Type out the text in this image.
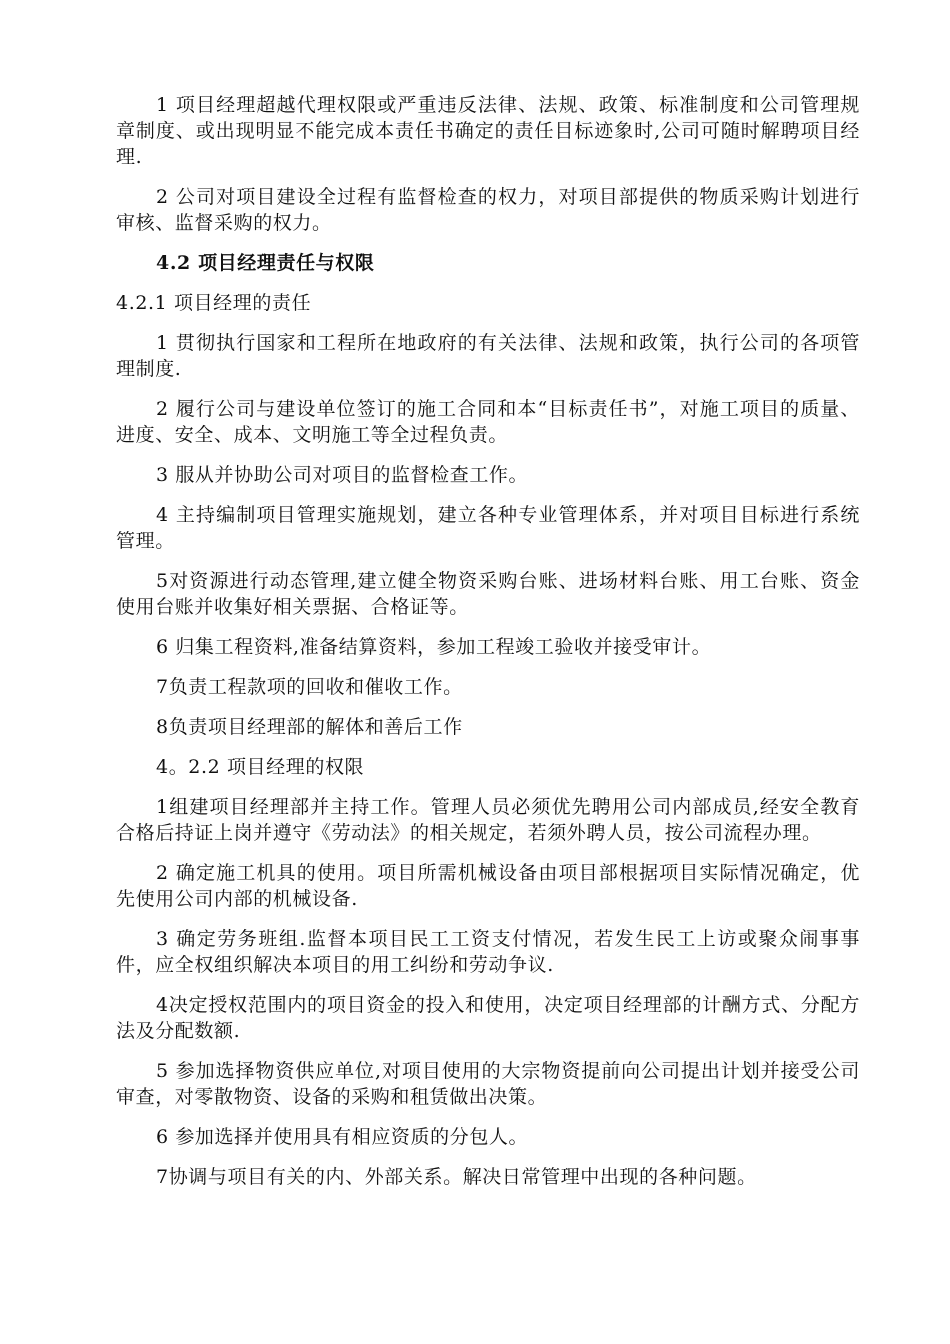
1 项目经理超越代理权限或严重违反法律、法规、政策、标准制度和公司管理规章制度、或出现明显不能完成本责任书确定的责任目标迹象时,公司可随时解聘项目经理.

2 公司对项目建设全过程有监督检查的权力，对项目部提供的物质采购计划进行审核、监督采购的权力。

4.2 项目经理责任与权限

4.2.1 项目经理的责任

1 贯彻执行国家和工程所在地政府的有关法律、法规和政策，执行公司的各项管理制度.

2 履行公司与建设单位签订的施工合同和本“目标责任书”，对施工项目的质量、进度、安全、成本、文明施工等全过程负责。

3 服从并协助公司对项目的监督检查工作。

4 主持编制项目管理实施规划，建立各种专业管理体系，并对项目目标进行系统管理。

5对资源进行动态管理,建立健全物资采购台账、进场材料台账、用工台账、资金使用台账并收集好相关票据、合格证等。

6 归集工程资料,准备结算资料，参加工程竣工验收并接受审计。

7负责工程款项的回收和催收工作。

8负责项目经理部的解体和善后工作

4。2.2 项目经理的权限

1组建项目经理部并主持工作。管理人员必须优先聘用公司内部成员,经安全教育合格后持证上岗并遵守《劳动法》的相关规定，若须外聘人员，按公司流程办理。

2 确定施工机具的使用。项目所需机械设备由项目部根据项目实际情况确定，优先使用公司内部的机械设备.

3 确定劳务班组.监督本项目民工工资支付情况，若发生民工上访或聚众闹事事件，应全权组织解决本项目的用工纠纷和劳动争议.

4决定授权范围内的项目资金的投入和使用，决定项目经理部的计酬方式、分配方法及分配数额.

5 参加选择物资供应单位,对项目使用的大宗物资提前向公司提出计划并接受公司审查，对零散物资、设备的采购和租赁做出决策。

6 参加选择并使用具有相应资质的分包人。

7协调与项目有关的内、外部关系。解决日常管理中出现的各种问题。
